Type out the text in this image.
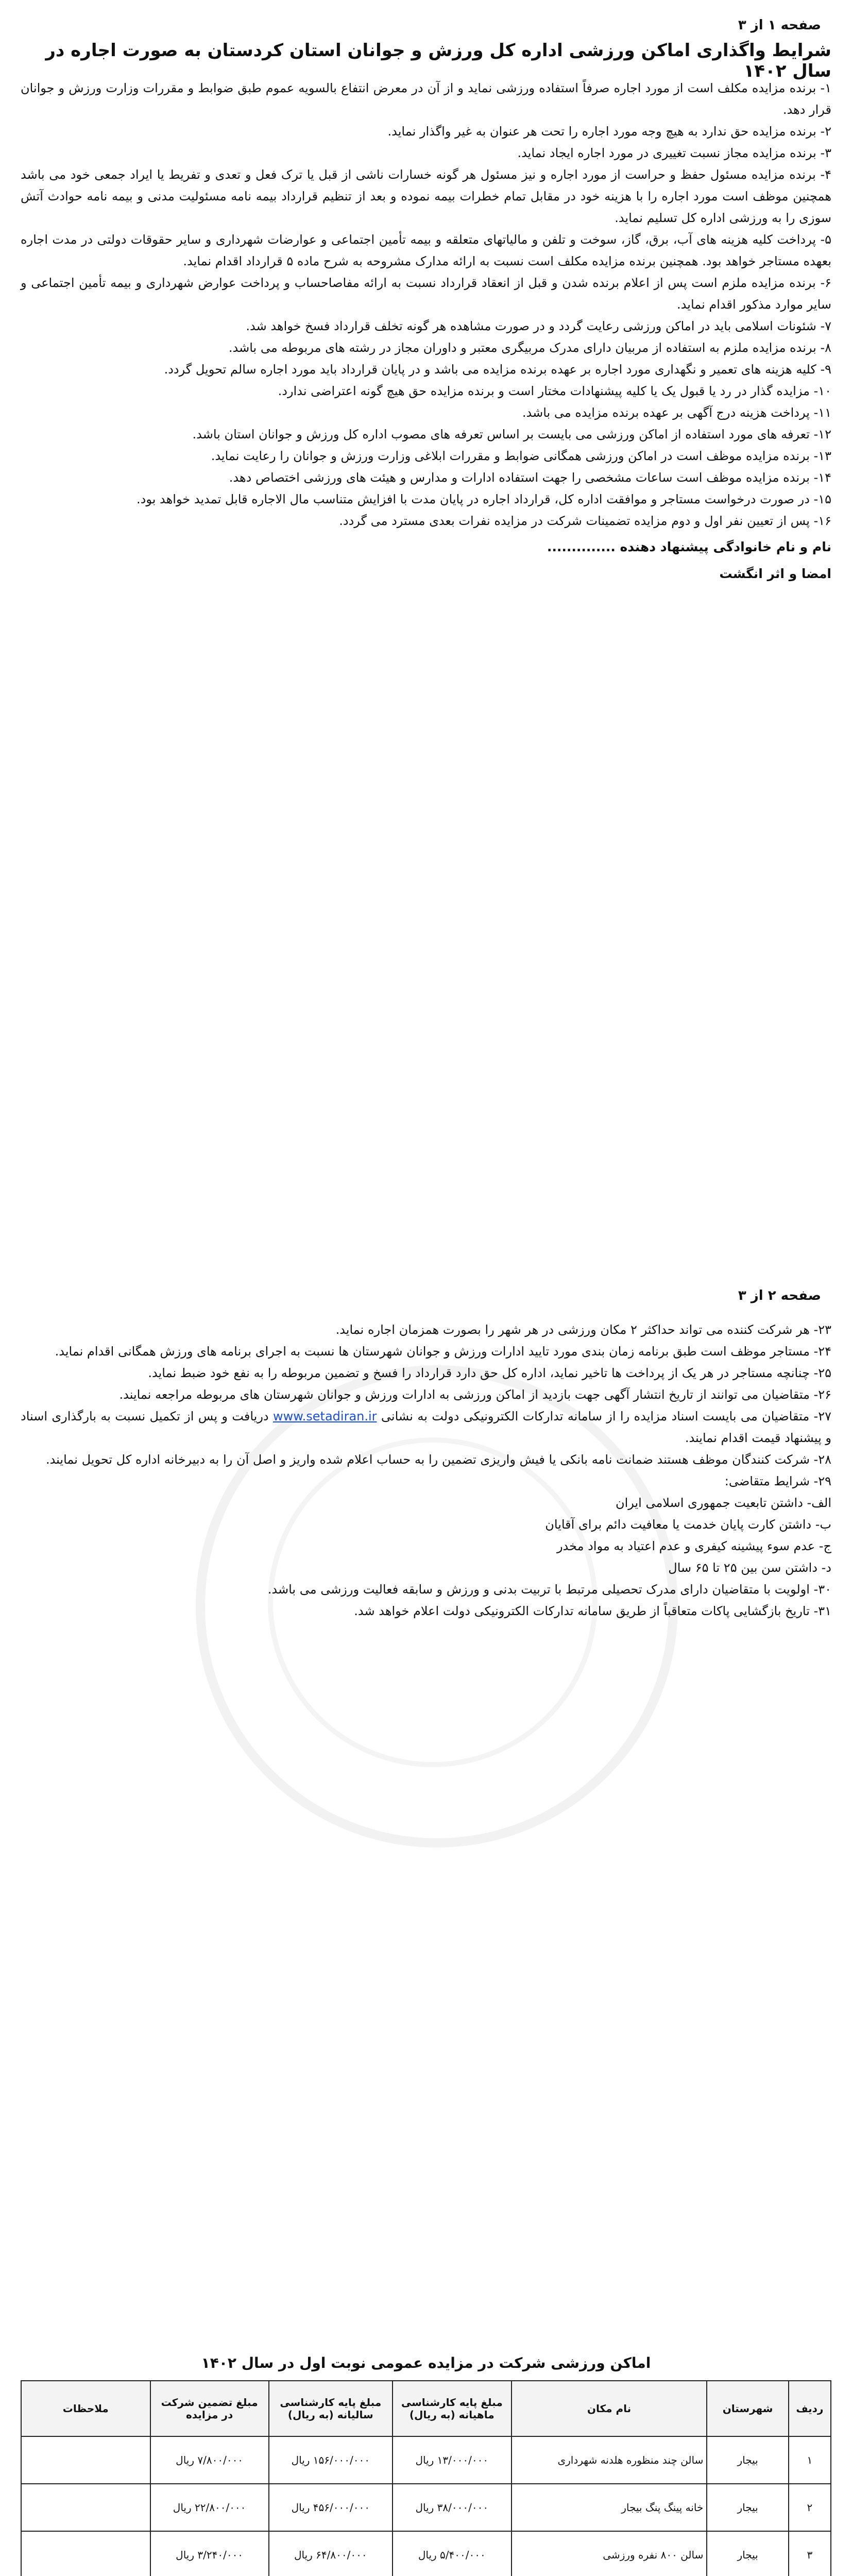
صفحه ۱ از ۳
شرایط واگذاری اماکن ورزشی اداره کل ورزش و جوانان استان کردستان به صورت اجاره در سال ۱۴۰۲

۱- برنده مزایده مکلف است از مورد اجاره صرفاً استفاده ورزشی نماید و از آن در معرض انتفاع بالسویه عموم طبق ضوابط و مقررات وزارت ورزش و جوانان قرار دهد.

۲- برنده مزایده حق ندارد به هیچ وجه مورد اجاره را تحت هر عنوان به غیر واگذار نماید.

۳- برنده مزایده مجاز نسبت تغییری در مورد اجاره ایجاد نماید.

۴- برنده مزایده مسئول حفظ و حراست از مورد اجاره و نیز مسئول هر گونه خسارات ناشی از قبل یا ترک فعل و تعدی و تفریط یا ایراد جمعی خود می باشد همچنین موظف است مورد اجاره را با هزینه خود در مقابل تمام خطرات بیمه نموده و بعد از تنظیم قرارداد بیمه نامه مسئولیت مدنی و بیمه نامه حوادث آتش سوزی را به ورزشی اداره کل تسلیم نماید.

۵- پرداخت کلیه هزینه های آب، برق، گاز، سوخت و تلفن و مالیاتهای متعلقه و بیمه تأمین اجتماعی و عوارضات شهرداری و سایر حقوقات دولتی در مدت اجاره بعهده مستاجر خواهد بود. همچنین برنده مزایده مکلف است نسبت به ارائه مدارک مشروحه به شرح ماده ۵ قرارداد اقدام نماید.

۶- برنده مزایده ملزم است پس از اعلام برنده شدن و قبل از انعقاد قرارداد نسبت به ارائه مفاصاحساب و پرداخت عوارض شهرداری و بیمه تأمین اجتماعی و سایر موارد مذکور اقدام نماید.

۷- شئونات اسلامی باید در اماکن ورزشی رعایت گردد و در صورت مشاهده هر گونه تخلف قرارداد فسخ خواهد شد.

۸- برنده مزایده ملزم به استفاده از مربیان دارای مدرک مربیگری معتبر و داوران مجاز در رشته های مربوطه می باشد.

۹- کلیه هزینه های تعمیر و نگهداری مورد اجاره بر عهده برنده مزایده می باشد و در پایان قرارداد باید مورد اجاره سالم تحویل گردد.

۱۰- مزایده گذار در رد یا قبول یک یا کلیه پیشنهادات مختار است و برنده مزایده حق هیچ گونه اعتراضی ندارد.

۱۱- پرداخت هزینه درج آگهی بر عهده برنده مزایده می باشد.

۱۲- تعرفه های مورد استفاده از اماکن ورزشی می بایست بر اساس تعرفه های مصوب اداره کل ورزش و جوانان استان باشد.

۱۳- برنده مزایده موظف است در اماکن ورزشی همگانی ضوابط و مقررات ابلاغی وزارت ورزش و جوانان را رعایت نماید.

۱۴- برنده مزایده موظف است ساعات مشخصی را جهت استفاده ادارات و مدارس و هیئت های ورزشی اختصاص دهد.

۱۵- در صورت درخواست مستاجر و موافقت اداره کل، قرارداد اجاره در پایان مدت با افزایش متناسب مال الاجاره قابل تمدید خواهد بود.

۱۶- پس از تعیین نفر اول و دوم مزایده تضمینات شرکت در مزایده نفرات بعدی مسترد می گردد.

نام و نام خانوادگی پیشنهاد دهنده ..............
امضا و اثر انگشت
صفحه ۲ از ۳

۲۳- هر شرکت کننده می تواند حداکثر ۲ مکان ورزشی در هر شهر را بصورت همزمان اجاره نماید.

۲۴- مستاجر موظف است طبق برنامه زمان بندی مورد تایید ادارات ورزش و جوانان شهرستان ها نسبت به اجرای برنامه های ورزش همگانی اقدام نماید.

۲۵- چنانچه مستاجر در هر یک از پرداخت ها تاخیر نماید، اداره کل حق دارد قرارداد را فسخ و تضمین مربوطه را به نفع خود ضبط نماید.

۲۶- متقاضیان می توانند از تاریخ انتشار آگهی جهت بازدید از اماکن ورزشی به ادارات ورزش و جوانان شهرستان های مربوطه مراجعه نمایند.

۲۷- متقاضیان می بایست اسناد مزایده را از سامانه تدارکات الکترونیکی دولت به نشانی www.setadiran.ir دریافت و پس از تکمیل نسبت به بارگذاری اسناد و پیشنهاد قیمت اقدام نمایند.

۲۸- شرکت کنندگان موظف هستند ضمانت نامه بانکی یا فیش واریزی تضمین را به حساب اعلام شده واریز و اصل آن را به دبیرخانه اداره کل تحویل نمایند.

۲۹- شرایط متقاضی:

الف- داشتن تابعیت جمهوری اسلامی ایران

ب- داشتن کارت پایان خدمت یا معافیت دائم برای آقایان

ج- عدم سوء پیشینه کیفری و عدم اعتیاد به مواد مخدر

د- داشتن سن بین ۲۵ تا ۶۵ سال

۳۰- اولویت با متقاضیان دارای مدرک تحصیلی مرتبط با تربیت بدنی و ورزش و سابقه فعالیت ورزشی می باشد.

۳۱- تاریخ بازگشایی پاکات متعاقباً از طریق سامانه تدارکات الکترونیکی دولت اعلام خواهد شد.

اماکن ورزشی شرکت در مزایده عمومی نوبت اول در سال ۱۴۰۲
ردیف	شهرستان	نام مکان	مبلغ پایه کارشناسی ماهیانه (به ریال)	مبلغ پایه کارشناسی سالیانه (به ریال)	مبلغ تضمین شرکت در مزایده	ملاحظات
۱	بیجار	سالن چند منظوره هلدنه شهرداری	۱۳/۰۰۰/۰۰۰ ریال	۱۵۶/۰۰۰/۰۰۰ ریال	۷/۸۰۰/۰۰۰ ریال	
۲	بیجار	خانه پینگ پنگ بیجار	۳۸/۰۰۰/۰۰۰ ریال	۴۵۶/۰۰۰/۰۰۰ ریال	۲۲/۸۰۰/۰۰۰ ریال	
۳	بیجار	سالن ۸۰۰ نفره ورزشی	۵/۴۰۰/۰۰۰ ریال	۶۴/۸۰۰/۰۰۰ ریال	۳/۲۴۰/۰۰۰ ریال	
